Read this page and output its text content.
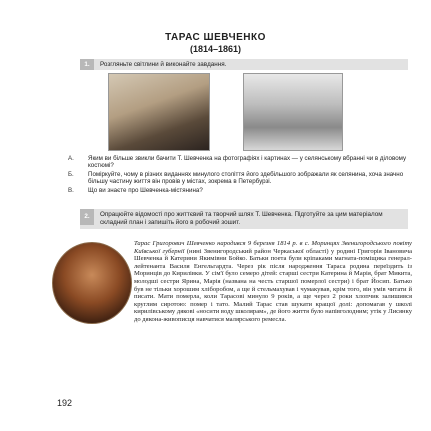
ТАРАС ШЕВЧЕНКО
(1814–1861)
1. Розгляньте світлини й виконайте завдання.
А.	Яким ви більше звикли бачити Т. Шевченка на фотографіях і картинах — у селянському вбранні чи в діловому костюмі?
Б.	Поміркуйте, чому в різних виданнях минулого століття його здебільшого зображали як селянина, хоча значно більшу частину життя він провів у містах, зокрема в Петербурзі.
В.	Що ви знаєте про Шевченка-містянина?
2.	Опрацюйте відомості про життєвий та творчий шлях Т. Шевченка. Підготуйте за цим матеріалом складний план і запишіть його в робочий зошит.
Тарас Григорович Шевченко народився 9 березня 1814 р. в с. Моринцях Звенигородського повіту Київської губернії (нині Звенигородський район Черкаської області) у родині Григорія Івановича Шевченка й Катерини Якимівни Бойко. Батьки поета були кріпаками магната-поміщика генерал-лейтенанта Василя Енгельгардта. Через рік після народження Тараса родина переїздить із Моринців до Кирилівки. У сім'ї було семеро дітей: старші сестри Катерина й Марія, брат Микита, молодші сестри Ярина, Марія (названа на честь старшої померлої сестри) і брат Йосип. Батько був не тільки хорошим хліборобом, а ще й стельмахував і чумакував, крім того, він умів читати й писати. Мати померла, коли Тарасові минуло 9 років, а ще через 2 роки хлопчик залишився круглим сиротою: помер і тато. Малий Тарас став шукати кращої долі: допомагав у школі кирилівському дякові «носити воду школярам», де його життя було напівголодним; утік у Лисянку до дякона-живописця навчатися малярського ремесла.
192
